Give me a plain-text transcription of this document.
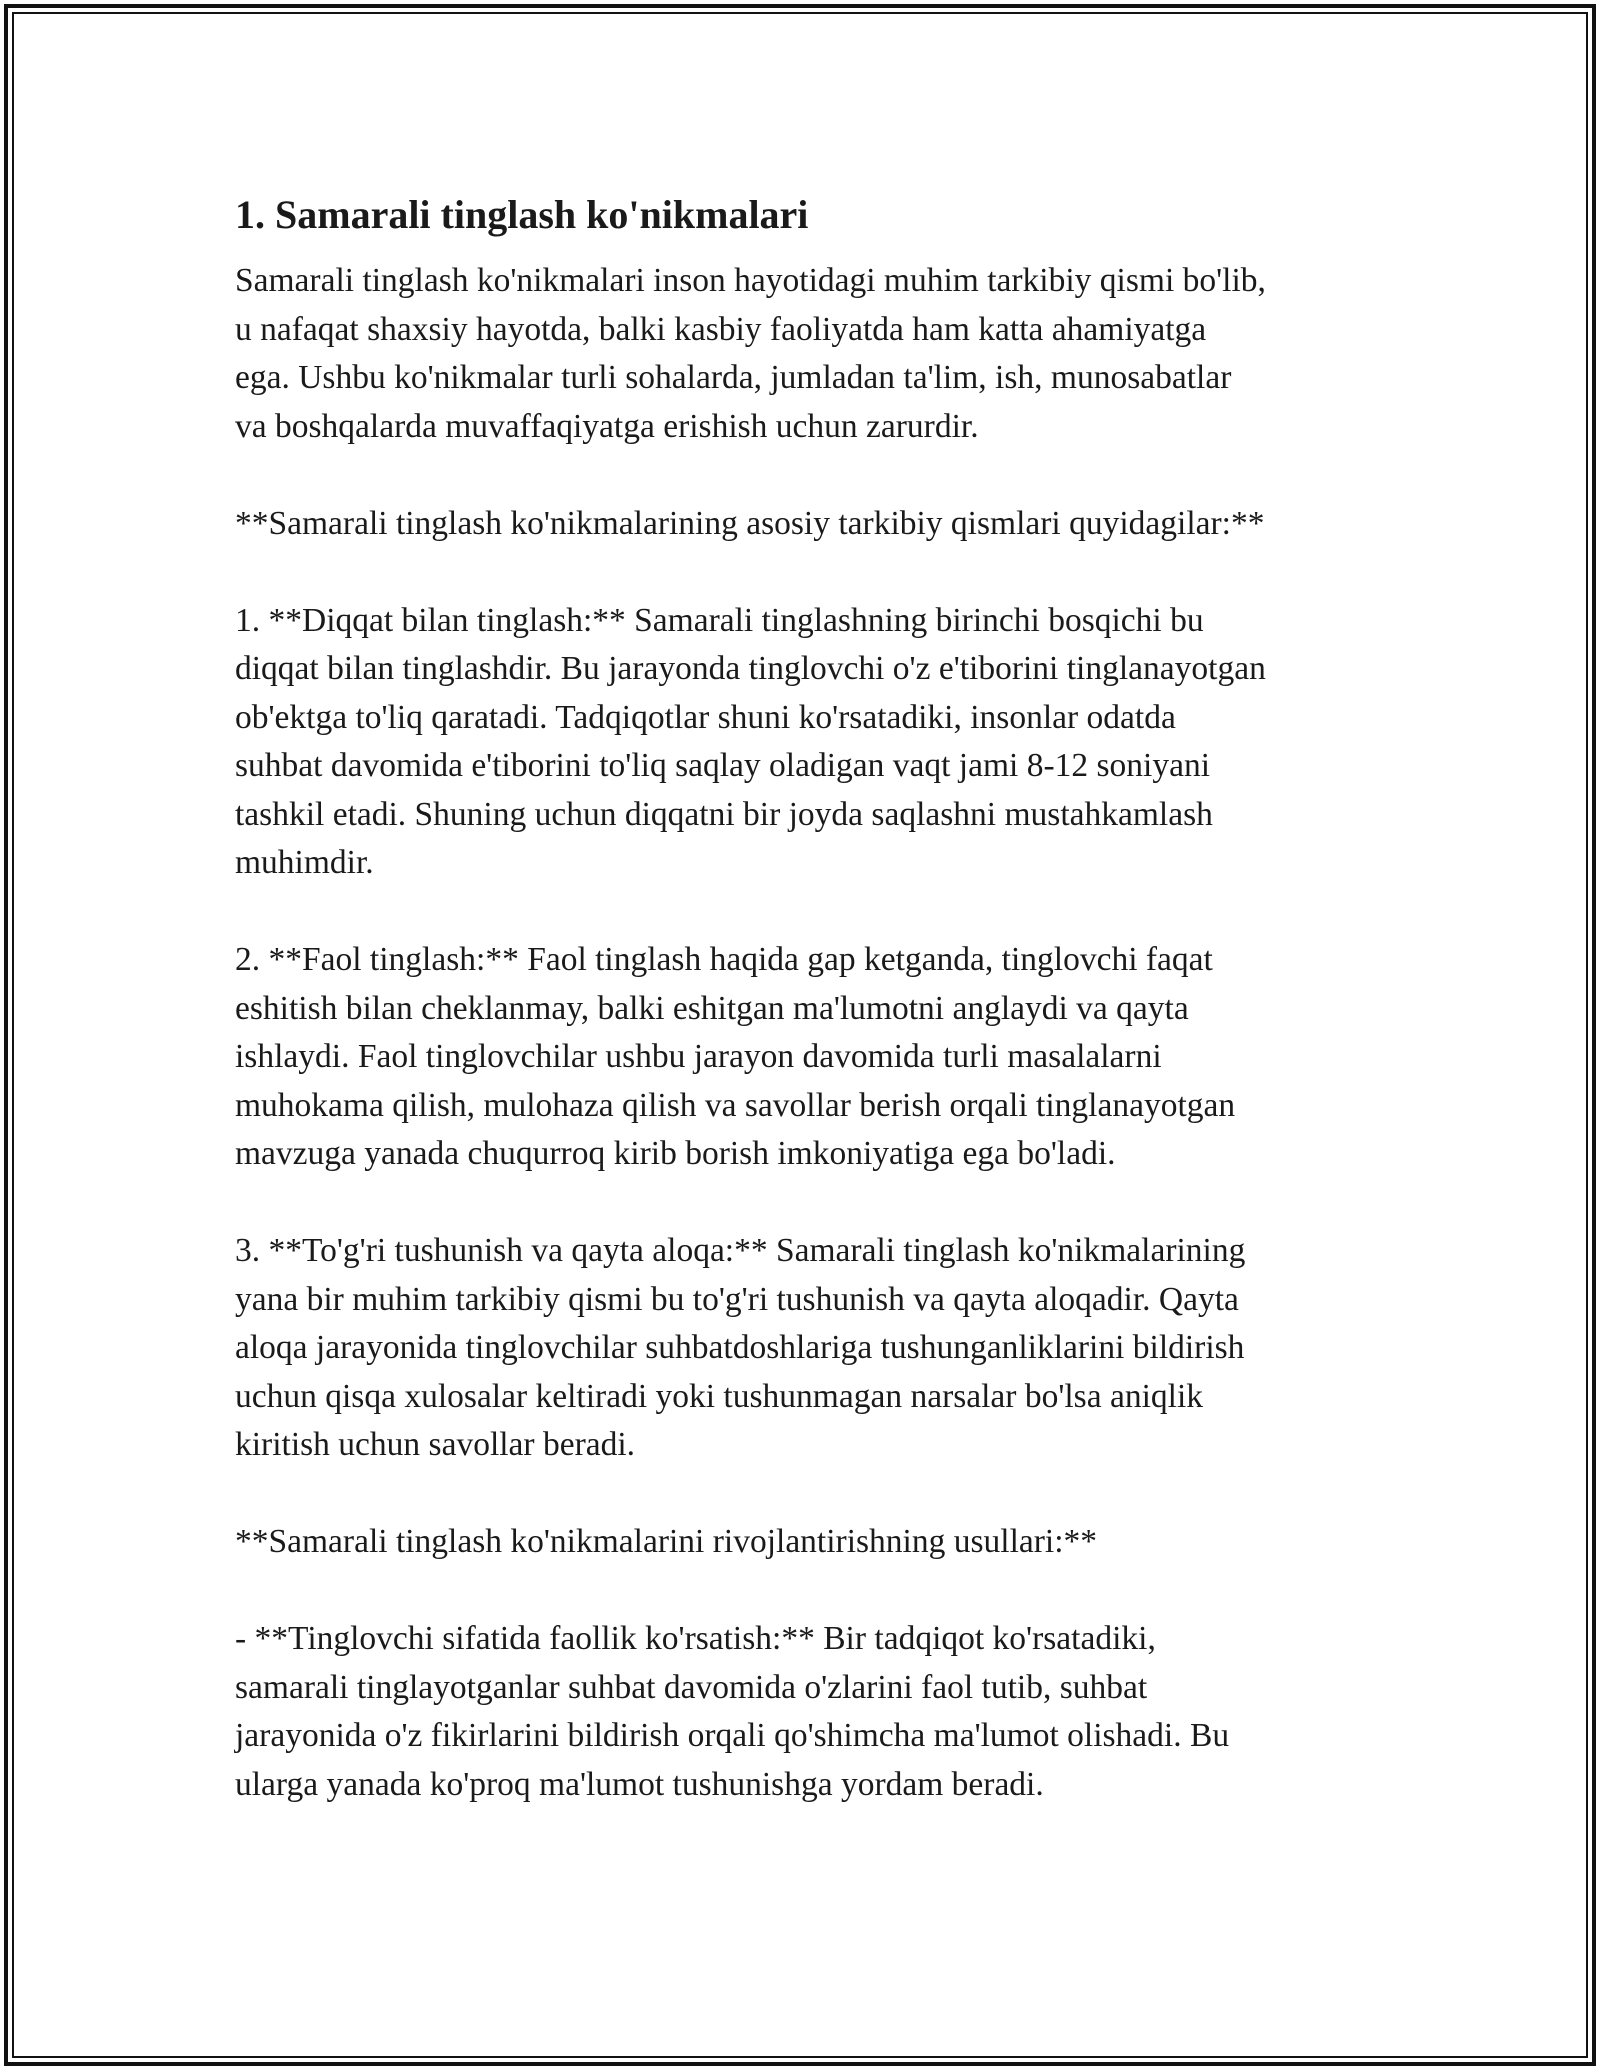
1. Samarali tinglash ko'nikmalari

Samarali tinglash ko'nikmalari inson hayotidagi muhim tarkibiy qismi bo'lib,
u nafaqat shaxsiy hayotda, balki kasbiy faoliyatda ham katta ahamiyatga
ega. Ushbu ko'nikmalar turli sohalarda, jumladan ta'lim, ish, munosabatlar
va boshqalarda muvaffaqiyatga erishish uchun zarurdir.

**Samarali tinglash ko'nikmalarining asosiy tarkibiy qismlari quyidagilar:**

1. **Diqqat bilan tinglash:** Samarali tinglashning birinchi bosqichi bu
diqqat bilan tinglashdir. Bu jarayonda tinglovchi o'z e'tiborini tinglanayotgan
ob'ektga to'liq qaratadi. Tadqiqotlar shuni ko'rsatadiki, insonlar odatda
suhbat davomida e'tiborini to'liq saqlay oladigan vaqt jami 8-12 soniyani
tashkil etadi. Shuning uchun diqqatni bir joyda saqlashni mustahkamlash
muhimdir.

2. **Faol tinglash:** Faol tinglash haqida gap ketganda, tinglovchi faqat
eshitish bilan cheklanmay, balki eshitgan ma'lumotni anglaydi va qayta
ishlaydi. Faol tinglovchilar ushbu jarayon davomida turli masalalarni
muhokama qilish, mulohaza qilish va savollar berish orqali tinglanayotgan
mavzuga yanada chuqurroq kirib borish imkoniyatiga ega bo'ladi.

3. **To'g'ri tushunish va qayta aloqa:** Samarali tinglash ko'nikmalarining
yana bir muhim tarkibiy qismi bu to'g'ri tushunish va qayta aloqadir. Qayta
aloqa jarayonida tinglovchilar suhbatdoshlariga tushunganliklarini bildirish
uchun qisqa xulosalar keltiradi yoki tushunmagan narsalar bo'lsa aniqlik
kiritish uchun savollar beradi.

**Samarali tinglash ko'nikmalarini rivojlantirishning usullari:**

- **Tinglovchi sifatida faollik ko'rsatish:** Bir tadqiqot ko'rsatadiki,
samarali tinglayotganlar suhbat davomida o'zlarini faol tutib, suhbat
jarayonida o'z fikirlarini bildirish orqali qo'shimcha ma'lumot olishadi. Bu
ularga yanada ko'proq ma'lumot tushunishga yordam beradi.
